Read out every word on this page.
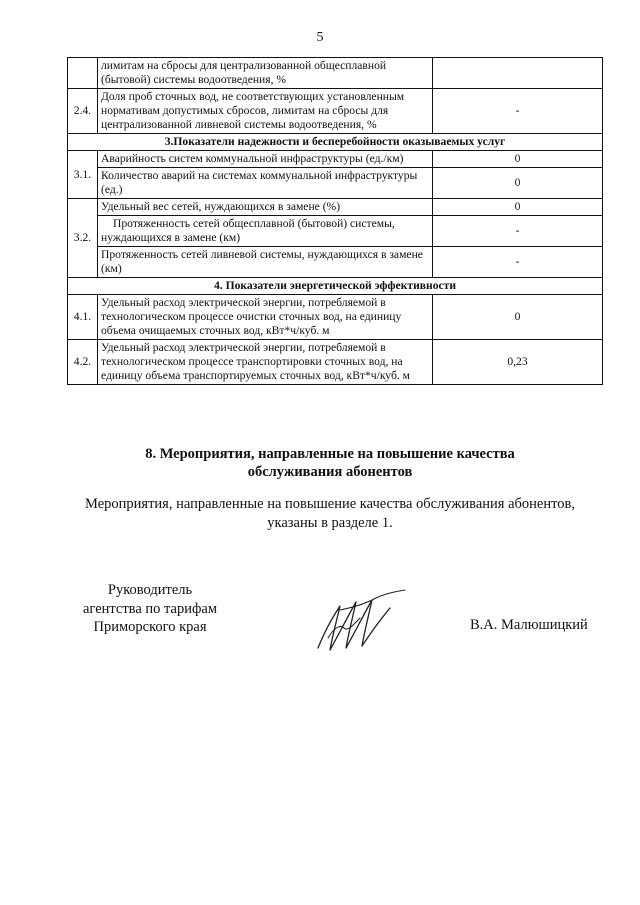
5
	лимитам на сбросы для централизованной общесплавной (бытовой) системы водоотведения, %	
2.4.	Доля проб сточных вод, не соответствующих установленным нормативам допустимых сбросов, лимитам на сбросы для централизованной ливневой системы водоотведения, %	-
3.Показатели надежности и бесперебойности оказываемых услуг		
3.1.	Аварийность систем коммунальной инфраструктуры (ед./км)	0
	Количество аварий на системах коммунальной инфраструктуры (ед.)	0
3.2.	Удельный вес сетей, нуждающихся в замене (%)	0
	Протяженность сетей общесплавной (бытовой) системы, нуждающихся в замене (км)	-
	Протяженность сетей ливневой системы, нуждающихся в замене (км)	-
4. Показатели энергетической эффективности		
4.1.	Удельный расход электрической энергии, потребляемой в технологическом процессе очистки сточных вод, на единицу объема очищаемых сточных вод, кВт*ч/куб. м	0
4.2.	Удельный расход электрической энергии, потребляемой в технологическом процессе транспортировки сточных вод, на единицу объема транспортируемых сточных вод, кВт*ч/куб. м	0,23
8. Мероприятия, направленные на повышение качества
обслуживания абонентов
Мероприятия, направленные на повышение качества обслуживания абонентов,
указаны в разделе 1.
Руководитель
агентства по тарифам
Приморского края	В.А. Малюшицкий
